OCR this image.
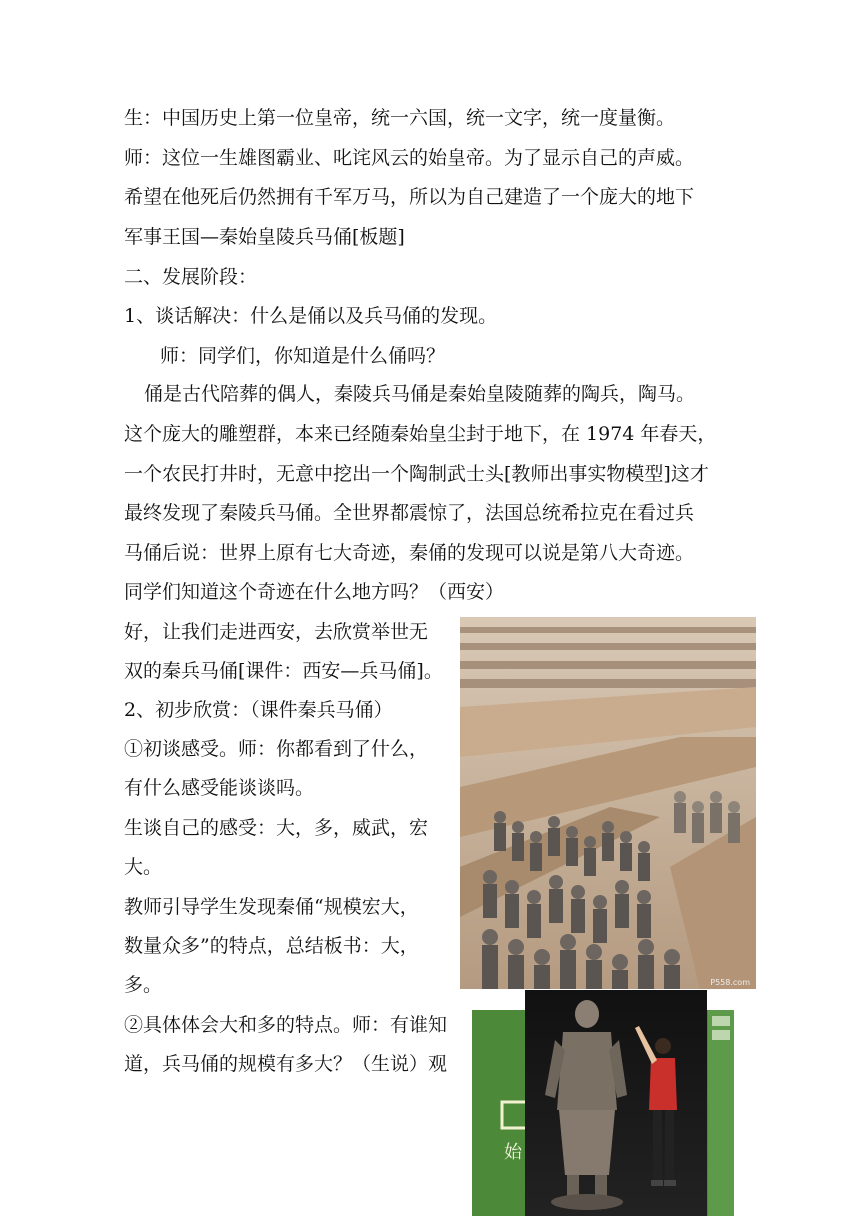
生：中国历史上第一位皇帝，统一六国，统一文字，统一度量衡。
师：这位一生雄图霸业、叱诧风云的始皇帝。为了显示自己的声威。
希望在他死后仍然拥有千军万马，所以为自己建造了一个庞大的地下
军事王国—秦始皇陵兵马俑[板题]
二、发展阶段：
1、谈话解决：什么是俑以及兵马俑的发现。
师：同学们，你知道是什么俑吗？
俑是古代陪葬的偶人，秦陵兵马俑是秦始皇陵随葬的陶兵，陶马。
这个庞大的雕塑群，本来已经随秦始皇尘封于地下，在 1974 年春天，
一个农民打井时，无意中挖出一个陶制武士头[教师出事实物模型]这才
最终发现了秦陵兵马俑。全世界都震惊了，法国总统希拉克在看过兵
马俑后说：世界上原有七大奇迹，秦俑的发现可以说是第八大奇迹。
同学们知道这个奇迹在什么地方吗？（西安）
好，让我们走进西安，去欣赏举世无
双的秦兵马俑[课件：西安—兵马俑]。
2、初步欣赏：（课件秦兵马俑）
①初谈感受。师：你都看到了什么，
有什么感受能谈谈吗。
生谈自己的感受：大，多，威武，宏
大。
教师引导学生发现秦俑“规模宏大，
数量众多”的特点，总结板书：大，
多。
②具体体会大和多的特点。师：有谁知
道，兵马俑的规模有多大？（生说）观
P558.com
始
